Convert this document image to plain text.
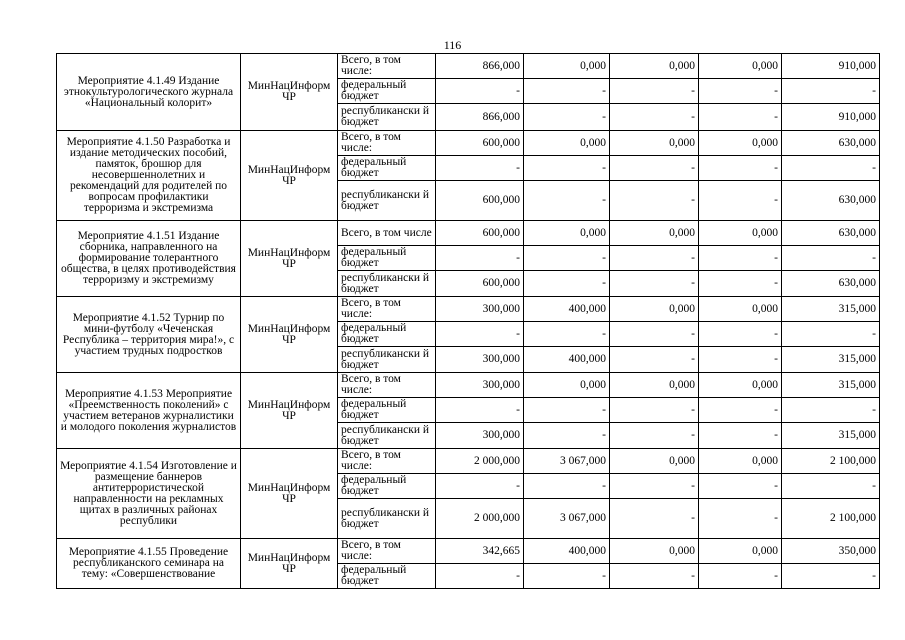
116
Мероприятие 4.1.49 Издание этнокультурологического журнала «Национальный колорит»	МинНацИнформ ЧР	Всего, в том числе:	866,000	0,000	0,000	0,000	910,000
		федеральный бюджет	-	-	-	-	-
		республикански й бюджет	866,000	-	-	-	910,000
Мероприятие 4.1.50 Разработка и издание методических пособий, памяток, брошюр для несовершеннолетних и рекомендаций для родителей по вопросам профилактики терроризма и экстремизма	МинНацИнформ ЧР	Всего, в том числе:	600,000	0,000	0,000	0,000	630,000
		федеральный бюджет	-	-	-	-	-
		республикански й бюджет	600,000	-	-	-	630,000
Мероприятие 4.1.51 Издание сборника, направленного на формирование толерантного общества, в целях противодействия терроризму и экстремизму	МинНацИнформ ЧР	Всего, в том числе	600,000	0,000	0,000	0,000	630,000
		федеральный бюджет	-	-	-	-	-
		республикански й бюджет	600,000	-	-	-	630,000
Мероприятие 4.1.52 Турнир по мини-футболу «Чеченская Республика – территория мира!», с участием трудных подростков	МинНацИнформ ЧР	Всего, в том числе:	300,000	400,000	0,000	0,000	315,000
		федеральный бюджет	-	-	-	-	-
		республикански й бюджет	300,000	400,000	-	-	315,000
Мероприятие 4.1.53 Мероприятие «Преемственность поколений» с участием ветеранов журналистики и молодого поколения журналистов	МинНацИнформ ЧР	Всего, в том числе:	300,000	0,000	0,000	0,000	315,000
		федеральный бюджет	-	-	-	-	-
		республикански й бюджет	300,000	-	-	-	315,000
Мероприятие 4.1.54 Изготовление и размещение баннеров антитеррористической направленности на рекламных щитах в различных районах республики	МинНацИнформ ЧР	Всего, в том числе:	2 000,000	3 067,000	0,000	0,000	2 100,000
		федеральный бюджет	-	-	-	-	-
		республикански й бюджет	2 000,000	3 067,000	-	-	2 100,000
Мероприятие 4.1.55 Проведение республиканского семинара на тему: «Совершенствование	МинНацИнформ ЧР	Всего, в том числе:	342,665	400,000	0,000	0,000	350,000
		федеральный бюджет	-	-	-	-	-
